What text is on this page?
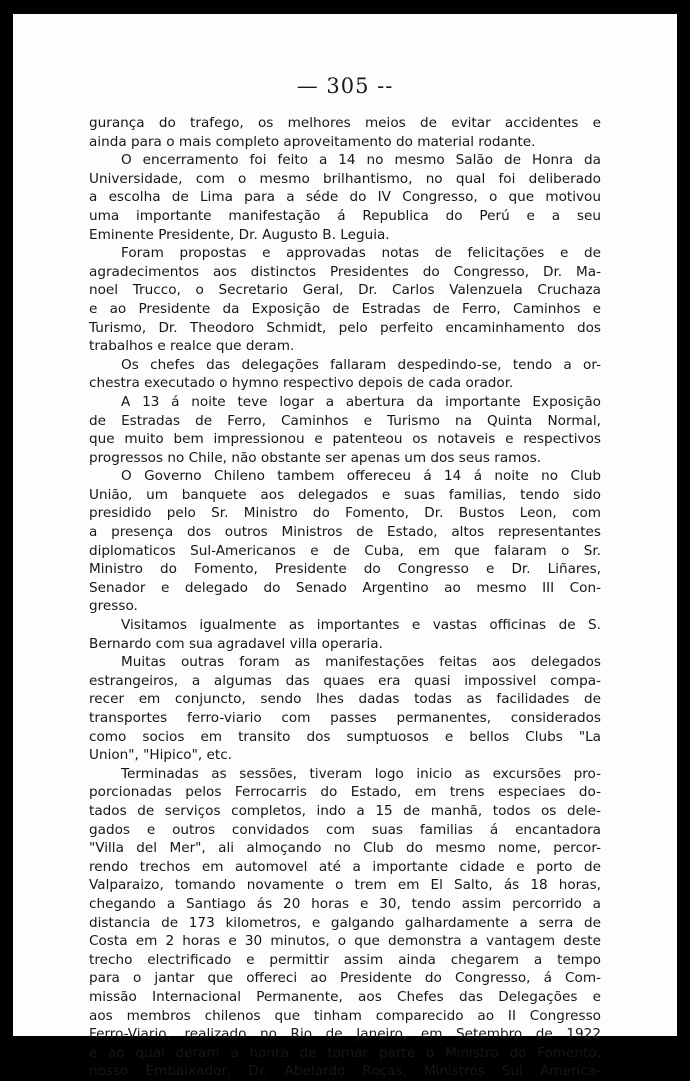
— 305 --
gurança do trafego, os melhores meios de evitar accidentes e
ainda para o mais completo aproveitamento do material rodante.
O encerramento foi feito a 14 no mesmo Salão de Honra da
Universidade, com o mesmo brilhantismo, no qual foi deliberado
a escolha de Lima para a séde do IV Congresso, o que motivou
uma importante manifestação á Republica do Perú e a seu
Eminente Presidente, Dr. Augusto B. Leguia.
Foram propostas e approvadas notas de felicitações e de
agradecimentos aos distinctos Presidentes do Congresso, Dr. Ma-
noel Trucco, o Secretario Geral, Dr. Carlos Valenzuela Cruchaza
e ao Presidente da Exposição de Estradas de Ferro, Caminhos e
Turismo, Dr. Theodoro Schmidt, pelo perfeito encaminhamento dos
trabalhos e realce que deram.
Os chefes das delegações fallaram despedindo-se, tendo a or-
chestra executado o hymno respectivo depois de cada orador.
A 13 á noite teve logar a abertura da importante Exposição
de Estradas de Ferro, Caminhos e Turismo na Quinta Normal,
que muito bem impressionou e patenteou os notaveis e respectivos
progressos no Chile, não obstante ser apenas um dos seus ramos.
O Governo Chileno tambem offereceu á 14 á noite no Club
União, um banquete aos delegados e suas familias, tendo sido
presidido pelo Sr. Ministro do Fomento, Dr. Bustos Leon, com
a presença dos outros Ministros de Estado, altos representantes
diplomaticos Sul-Americanos e de Cuba, em que falaram o Sr.
Ministro do Fomento, Presidente do Congresso e Dr. Liñares,
Senador e delegado do Senado Argentino ao mesmo III Con-
gresso.
Visitamos igualmente as importantes e vastas officinas de S.
Bernardo com sua agradavel villa operaria.
Muitas outras foram as manifestações feitas aos delegados
estrangeiros, a algumas das quaes era quasi impossivel compa-
recer em conjuncto, sendo lhes dadas todas as facilidades de
transportes ferro-viario com passes permanentes, considerados
como socios em transito dos sumptuosos e bellos Clubs "La
Union", "Hipico", etc.
Terminadas as sessões, tiveram logo inicio as excursões pro-
porcionadas pelos Ferrocarris do Estado, em trens especiaes do-
tados de serviços completos, indo a 15 de manhã, todos os dele-
gados e outros convidados com suas familias á encantadora
"Villa del Mer", ali almoçando no Club do mesmo nome, percor-
rendo trechos em automovel até a importante cidade e porto de
Valparaizo, tomando novamente o trem em El Salto, ás 18 horas,
chegando a Santiago ás 20 horas e 30, tendo assim percorrido a
distancia de 173 kilometros, e galgando galhardamente a serra de
Costa em 2 horas e 30 minutos, o que demonstra a vantagem deste
trecho electrificado e permittir assim ainda chegarem a tempo
para o jantar que offereci ao Presidente do Congresso, á Com-
missão Internacional Permanente, aos Chefes das Delegações e
aos membros chilenos que tinham comparecido ao II Congresso
Ferro-Viario, realizado no Rio de Janeiro, em Setembro de 1922
e ao qual deram a honra de tomar parte o Ministro do Fomento,
nosso Embaixador, Dr. Abelardo Roças, Ministros Sul America-
